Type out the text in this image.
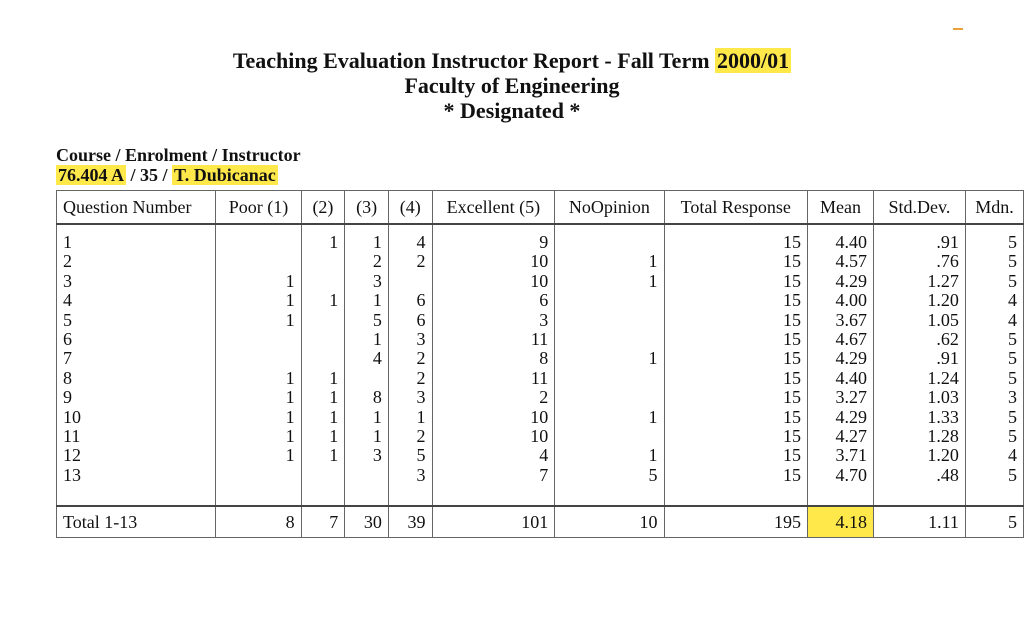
Teaching Evaluation Instructor Report - Fall Term 2000/01
Faculty of Engineering
* Designated *
Course / Enrolment / Instructor
76.404 A / 35 / T. Dubicanac
Question Number	Poor (1)	(2)	(3)	(4)	Excellent (5)	NoOpinion	Total Response	Mean	Std.Dev.	Mdn.

1		1	1	4	9		15	4.40	.91	5
2			2	2	10	1	15	4.57	.76	5
3	1		3		10	1	15	4.29	1.27	5
4	1	1	1	6	6		15	4.00	1.20	4
5	1		5	6	3		15	3.67	1.05	4
6			1	3	11		15	4.67	.62	5
7			4	2	8	1	15	4.29	.91	5
8	1	1		2	11		15	4.40	1.24	5
9	1	1	8	3	2		15	3.27	1.03	3
10	1	1	1	1	10	1	15	4.29	1.33	5
11	1	1	1	2	10		15	4.27	1.28	5
12	1	1	3	5	4	1	15	3.71	1.20	4
13				3	7	5	15	4.70	.48	5

Total 1-13	8	7	30	39	101	10	195	4.18	1.11	5
